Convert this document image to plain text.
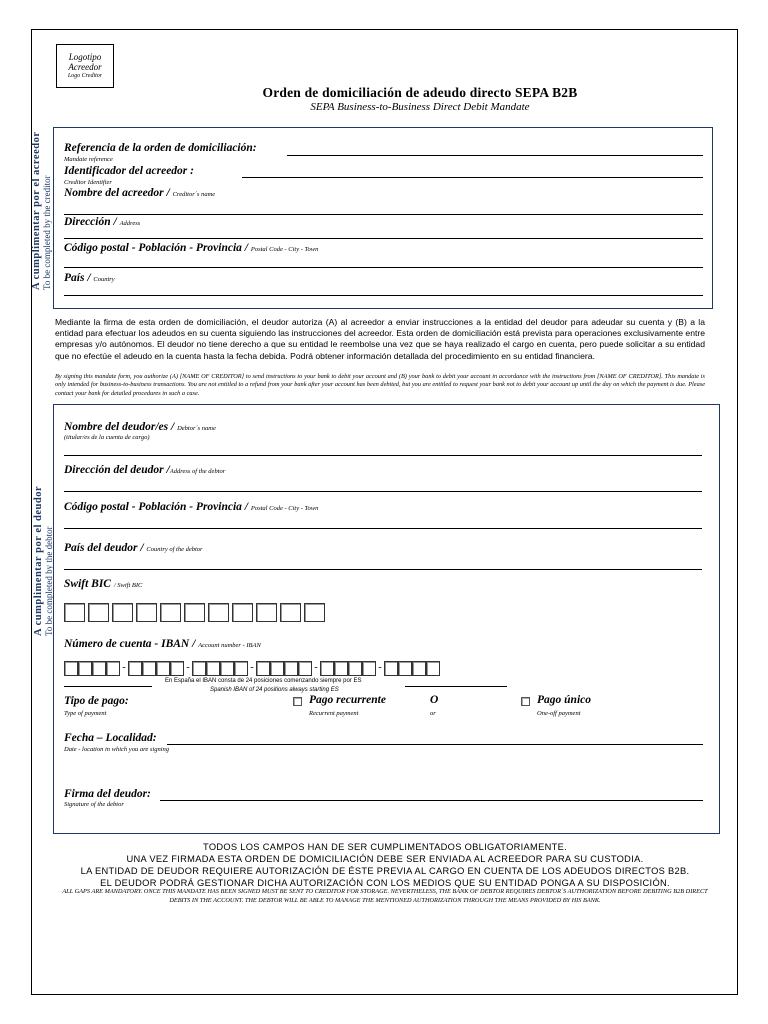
Logotipo
Acreedor
Logo Creditor
Orden de domiciliación de adeudo directo SEPA B2B
SEPA Business-to-Business Direct Debit Mandate
A cumplimentar por el acreedor To be completed by the creditor
Referencia de la orden de domiciliación:
Mandate reference
Identificador del acreedor :
Creditor Identifier
Nombre del acreedor / Creditor´s name
Dirección / Address
Código postal - Población - Provincia / Postal Code - City - Town
País / Country
Mediante la firma de esta orden de domiciliación, el deudor autoriza (A) al acreedor a enviar instrucciones a la entidad del deudor para adeudar su cuenta y (B) a la entidad para efectuar los adeudos en su cuenta siguiendo las instrucciones del acreedor. Esta orden de domiciliación está prevista para operaciones exclusivamente entre empresas y/o autónomos. El deudor no tiene derecho a que su entidad le reembolse una vez que se haya realizado el cargo en cuenta, pero puede solicitar a su entidad que no efectúe el adeudo en la cuenta hasta la fecha debida. Podrá obtener información detallada del procedimiento en su entidad financiera.
By signing this mandate form, you authorize (A) [NAME OF CREDITOR] to send instructions to your bank to debit your account and (B) your bank to debit your account in accordance with the instructions from [NAME OF CREDITOR]. This mandate is only intended for business-to-business transactions. You are not entitled to a refund from your bank after your account has been debited, but you are entitled to request your bank not to debit your account up until the day on which the payment is due. Please contact your bank for detailed procedures in such a case.
A cumplimentar por el deudor To be completed by the debtor
Nombre del deudor/es / Debtor´s name
(titular/es de la cuenta de cargo)
Dirección del deudor /Address of the debtor
Código postal - Población - Provincia / Postal Code - City - Town
País del deudor / Country of the debtor
Swift BIC / Swift BIC
Número de cuenta - IBAN / Account number - IBAN
-	-	-	-	-
En España el IBAN consta de 24 posiciones comenzando siempre por ES
Spanish IBAN of 24 positions always starting ES
Tipo de pago:
Type of payment
Pago recurrente
Recurrent payment
O
or
Pago único
One-off payment
Fecha – Localidad:
Date - location in which you are signing
Firma del deudor:
Signature of the debtor
TODOS LOS CAMPOS HAN DE SER CUMPLIMENTADOS OBLIGATORIAMENTE.
UNA VEZ FIRMADA ESTA ORDEN DE DOMICILIACIÓN DEBE SER ENVIADA AL ACREEDOR PARA SU CUSTODIA.
LA ENTIDAD DE DEUDOR REQUIERE AUTORIZACIÓN DE ÉSTE PREVIA AL CARGO EN CUENTA DE LOS ADEUDOS DIRECTOS B2B.
EL DEUDOR PODRÁ GESTIONAR DICHA AUTORIZACIÓN CON LOS MEDIOS QUE SU ENTIDAD PONGA A SU DISPOSICIÓN.
ALL GAPS ARE MANDATORY. ONCE THIS MANDATE HAS BEEN SIGNED MUST BE SENT TO CREDITOR FOR STORAGE. NEVERTHELESS, THE BANK OF DEBTOR REQUIRES DEBTOR´S AUTHORIZATION BEFORE DEBITING B2B DIRECT DEBITS IN THE ACCOUNT. THE DEBTOR WILL BE ABLE TO MANAGE THE MENTIONED AUTHORIZATION THROUGH THE MEANS PROVIDED BY HIS BANK.
